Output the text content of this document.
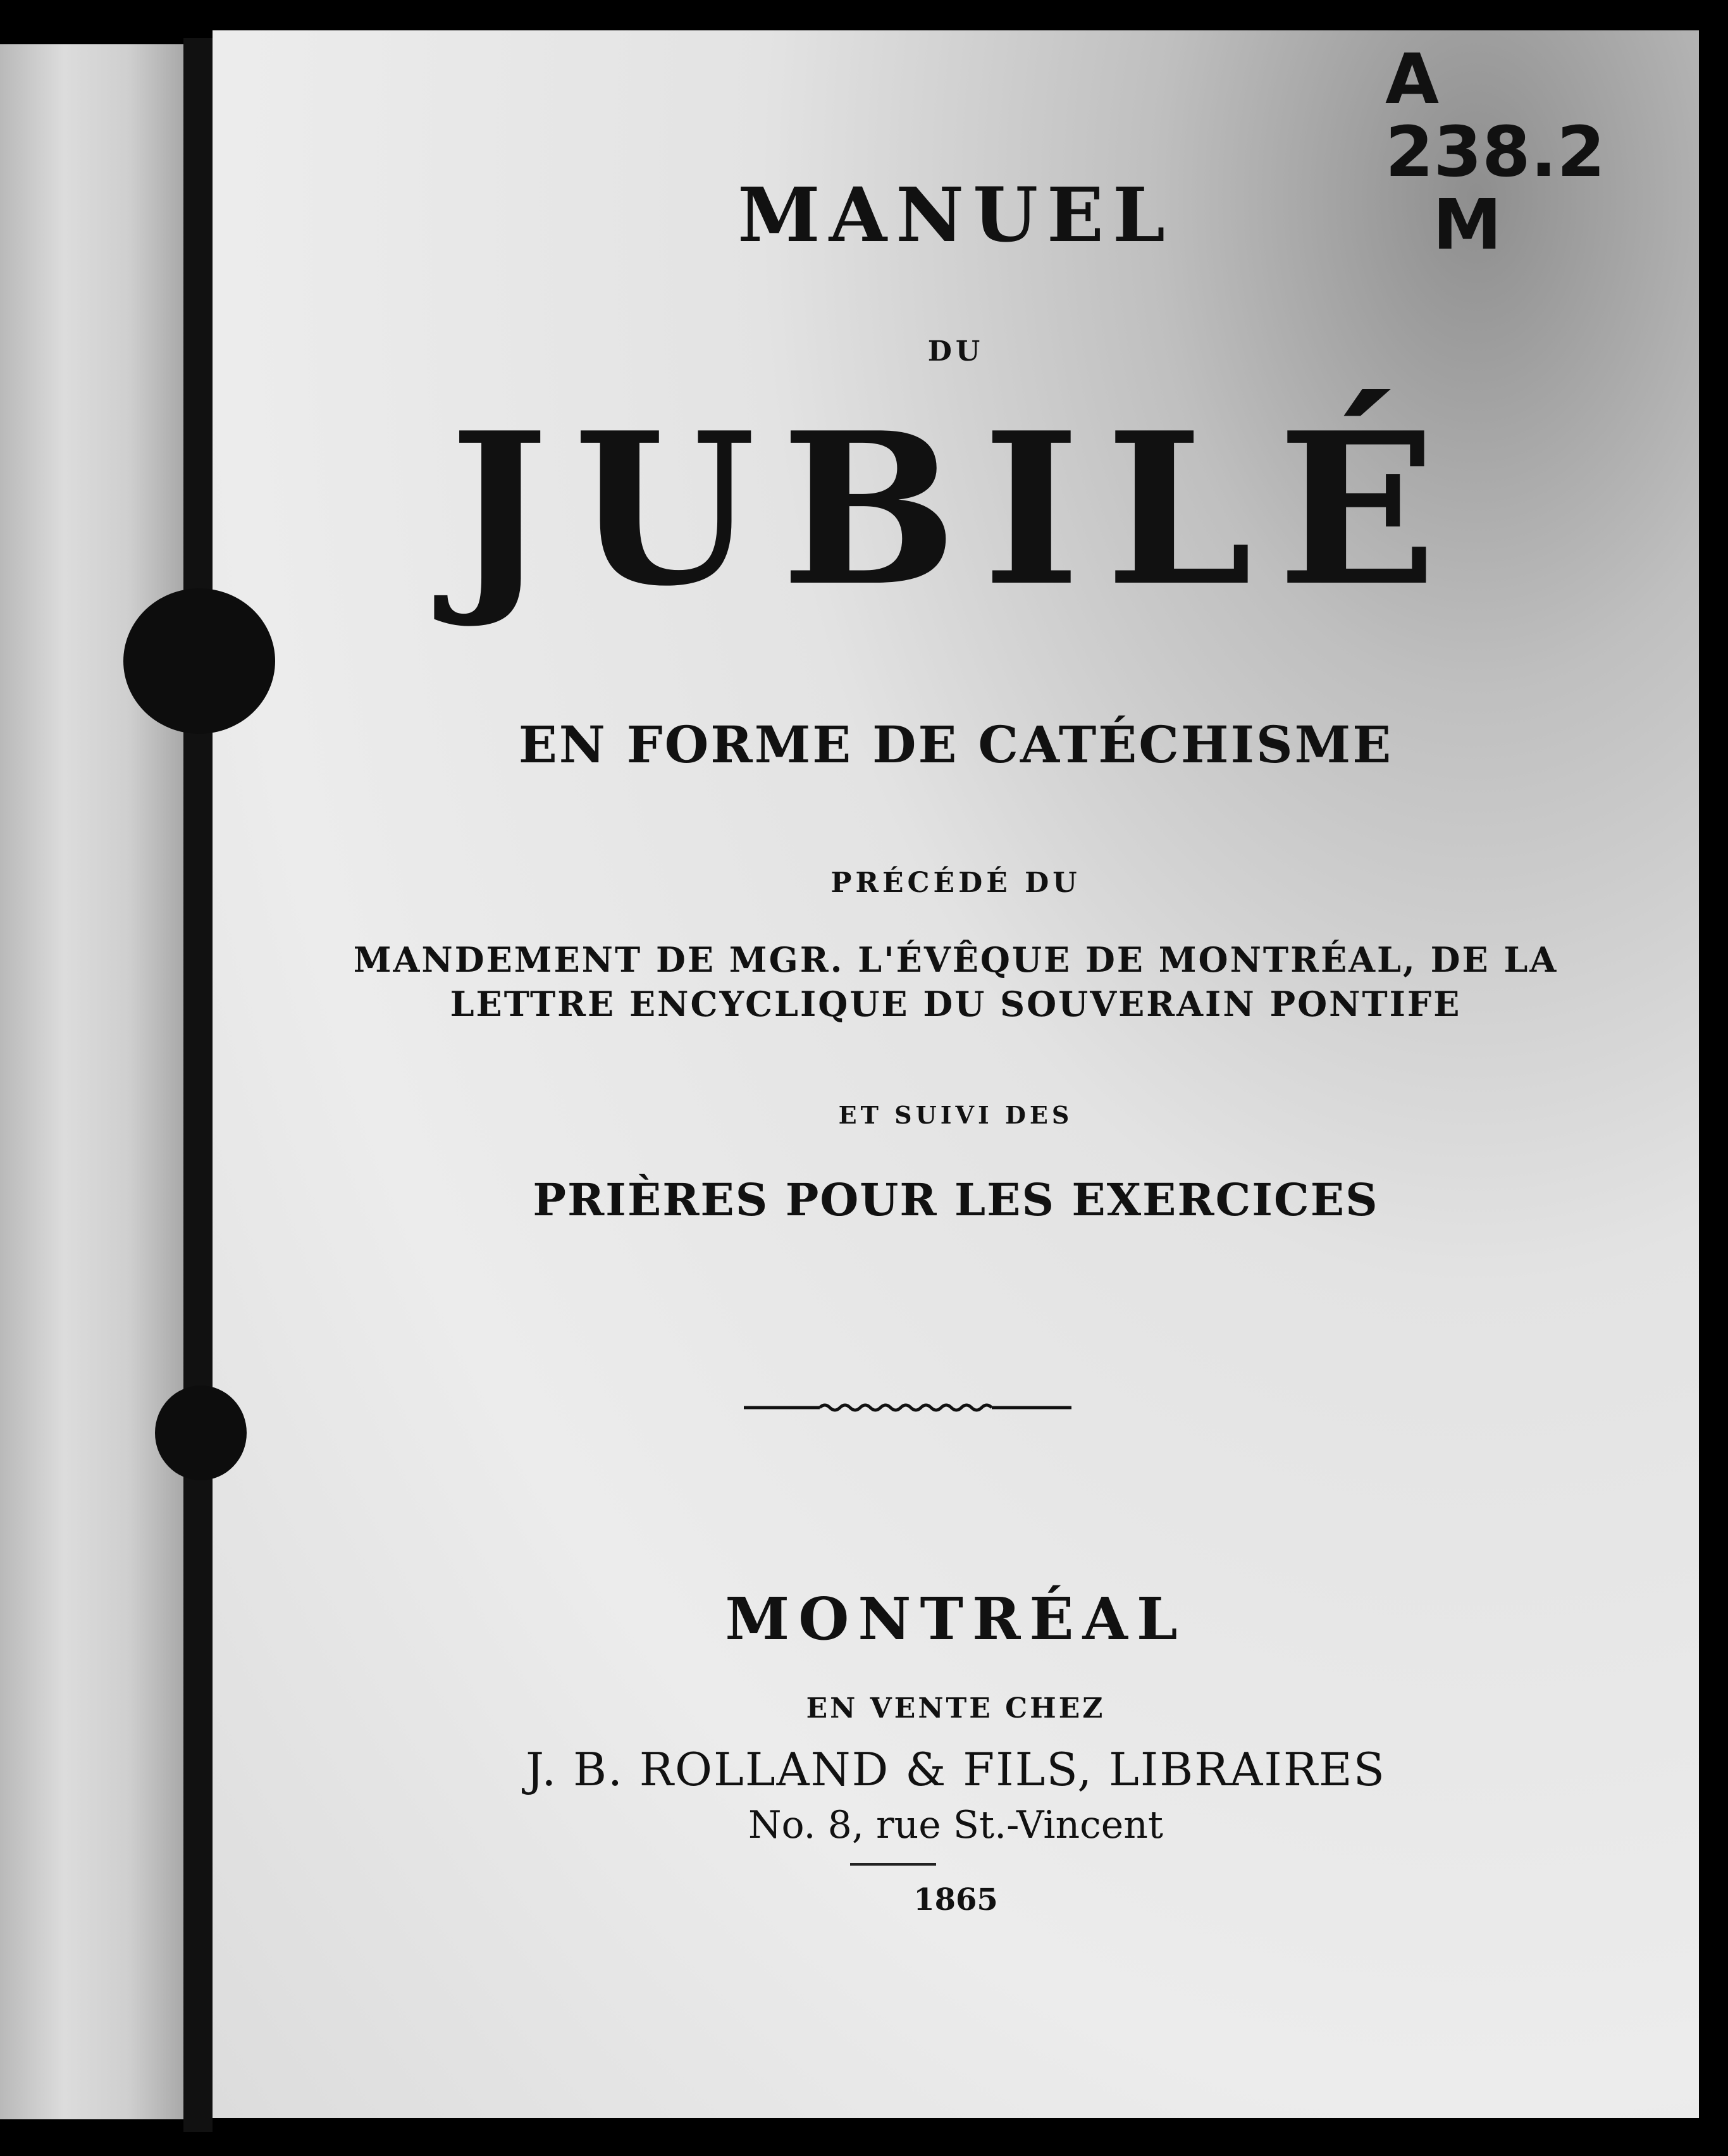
A
238.2
M
MANUEL
DU
JUBILÉ
EN FORME DE CATÉCHISME
PRÉCÉDÉ DU
MANDEMENT DE MGR. L'ÉVÊQUE DE MONTRÉAL, DE LA
LETTRE ENCYCLIQUE DU SOUVERAIN PONTIFE
ET SUIVI DES
PRIÈRES POUR LES EXERCICES
MONTRÉAL
EN VENTE CHEZ
J. B. ROLLAND & FILS, LIBRAIRES
No. 8, rue St.-Vincent
1865
